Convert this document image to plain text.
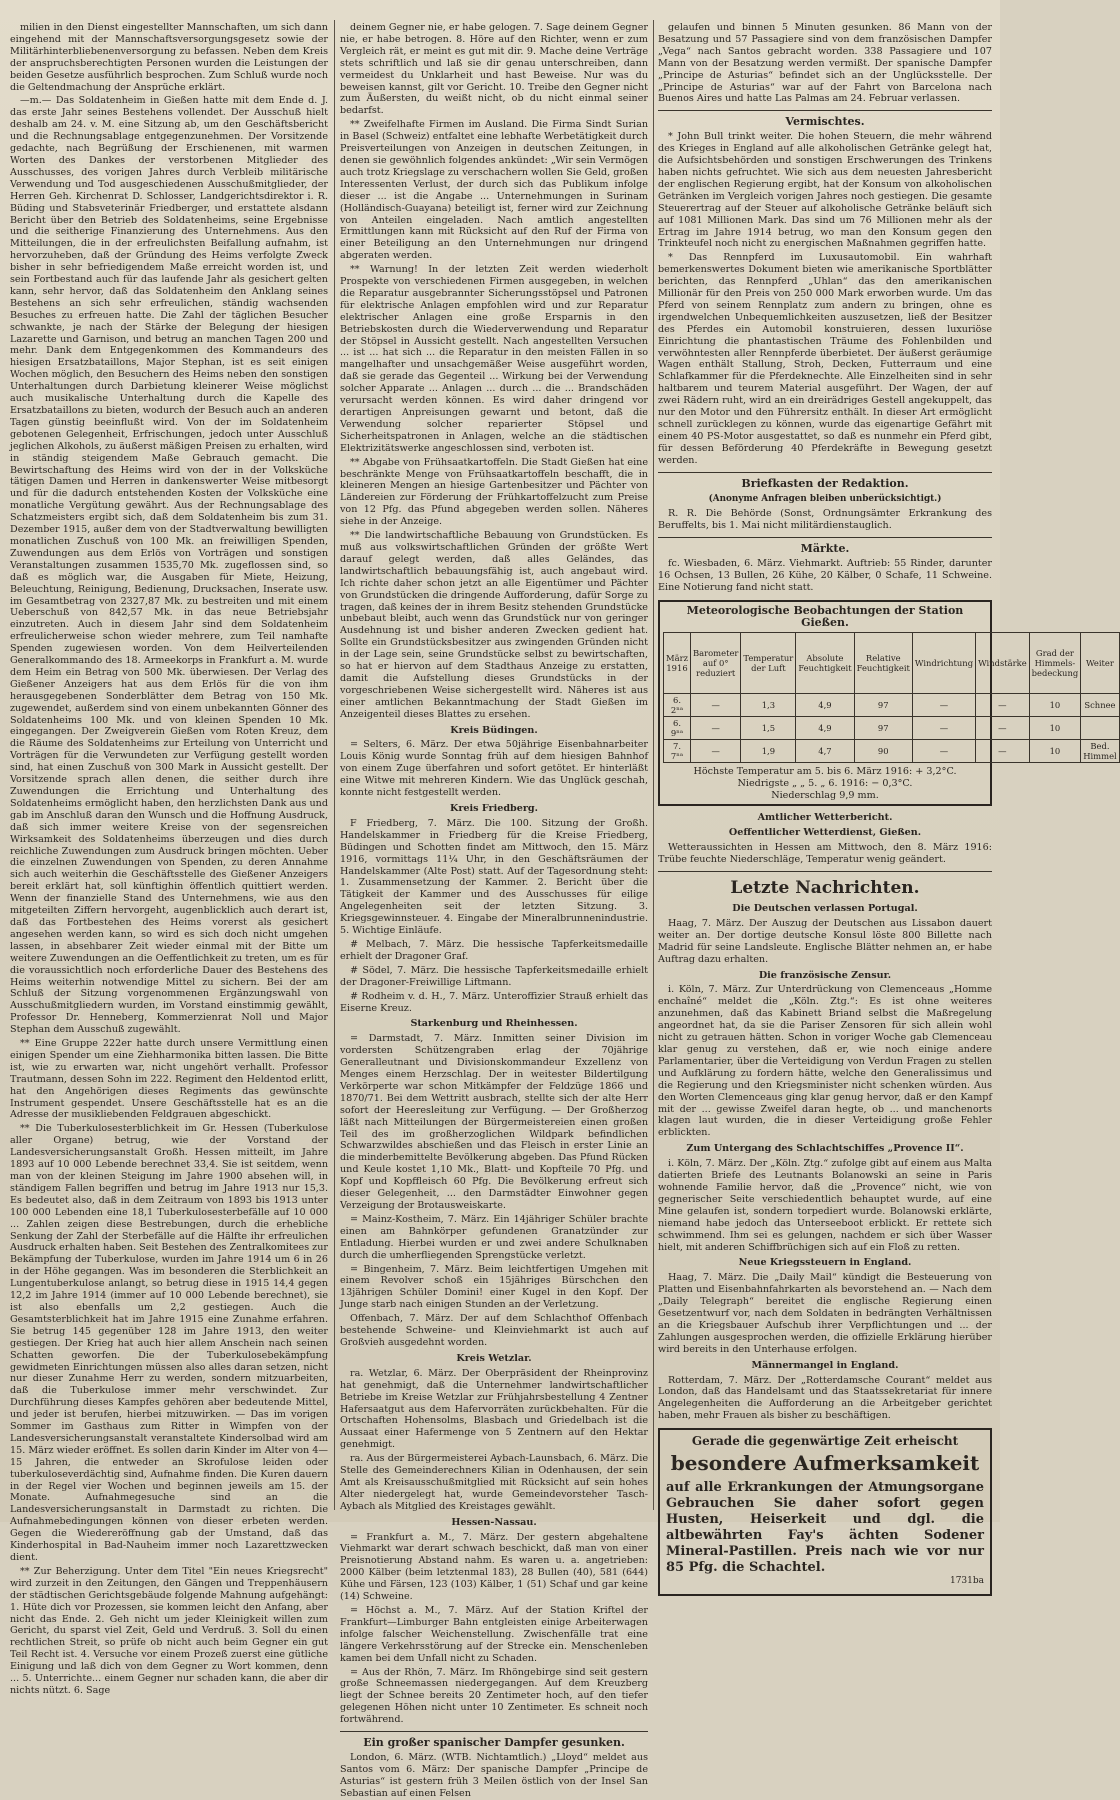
milien in den Dienst eingestellter Mannschaften, um sich dann eingehend mit der Mannschaftsversorgungsgesetz sowie der Militärhinterbliebenenversorgung zu befassen. Neben dem Kreis der anspruchsberechtigten Personen wurden die Leistungen der beiden Gesetze ausführlich besprochen. Zum Schluß wurde noch die Geltendmachung der Ansprüche erklärt.

—m.— Das Soldatenheim in Gießen hatte mit dem Ende d. J. das erste Jahr seines Bestehens vollendet. Der Ausschuß hielt deshalb am 24. v. M. eine Sitzung ab, um den Geschäftsbericht und die Rechnungsablage entgegenzunehmen. Der Vorsitzende gedachte, nach Begrüßung der Erschienenen, mit warmen Worten des Dankes der verstorbenen Mitglieder des Ausschusses, des vorigen Jahres durch Verbleib militärische Verwendung und Tod ausgeschiedenen Ausschußmitglieder, der Herren Geh. Kirchenrat D. Schlosser, Landgerichtsdirektor i. R. Büding und Stabsveterinär Friedberger, und erstattete alsdann Bericht über den Betrieb des Soldatenheims, seine Ergebnisse und die seitherige Finanzierung des Unternehmens. Aus den Mitteilungen, die in der erfreulichsten Beifallung aufnahm, ist hervorzuheben, daß der Gründung des Heims verfolgte Zweck bisher in sehr befriedigendem Maße erreicht worden ist, und sein Fortbestand auch für das laufende Jahr als gesichert gelten kann, sehr hervor, daß das Soldatenheim den Anklang seines Bestehens an sich sehr erfreulichen, ständig wachsenden Besuches zu erfreuen hatte. Die Zahl der täglichen Besucher schwankte, je nach der Stärke der Belegung der hiesigen Lazarette und Garnison, und betrug an manchen Tagen 200 und mehr. Dank dem Entgegenkommen des Kommandeurs des hiesigen Ersatzbataillons, Major Stephan, ist es seit einigen Wochen möglich, den Besuchern des Heims neben den sonstigen Unterhaltungen durch Darbietung kleinerer Weise möglichst auch musikalische Unterhaltung durch die Kapelle des Ersatzbataillons zu bieten, wodurch der Besuch auch an anderen Tagen günstig beeinflußt wird. Von der im Soldatenheim gebotenen Gelegenheit, Erfrischungen, jedoch unter Ausschluß jeglichen Alkohols, zu äußerst mäßigen Preisen zu erhalten, wird in ständig steigendem Maße Gebrauch gemacht. Die Bewirtschaftung des Heims wird von der in der Volksküche tätigen Damen und Herren in dankenswerter Weise mitbesorgt und für die dadurch entstehenden Kosten der Volksküche eine monatliche Vergütung gewährt. Aus der Rechnungsablage des Schatzmeisters ergibt sich, daß dem Soldatenheim bis zum 31. Dezember 1915, außer dem von der Stadtverwaltung bewilligten monatlichen Zuschuß von 100 Mk. an freiwilligen Spenden, Zuwendungen aus dem Erlös von Vorträgen und sonstigen Veranstaltungen zusammen 1535,70 Mk. zugeflossen sind, so daß es möglich war, die Ausgaben für Miete, Heizung, Beleuchtung, Reinigung, Bedienung, Drucksachen, Inserate usw. im Gesamtbetrag von 2327,87 Mk. zu bestreiten und mit einem Ueberschuß von 842,57 Mk. in das neue Betriebsjahr einzutreten. Auch in diesem Jahr sind dem Soldatenheim erfreulicherweise schon wieder mehrere, zum Teil namhafte Spenden zugewiesen worden. Von dem Heilverteilenden Generalkommando des 18. Armeekorps in Frankfurt a. M. wurde dem Heim ein Betrag von 500 Mk. überwiesen. Der Verlag des Gießener Anzeigers hat aus dem Erlös für die von ihm herausgegebenen Sonderblätter dem Betrag von 150 Mk. zugewendet, außerdem sind von einem unbekannten Gönner des Soldatenheims 100 Mk. und von kleinen Spenden 10 Mk. eingegangen. Der Zweigverein Gießen vom Roten Kreuz, dem die Räume des Soldatenheims zur Erteilung von Unterricht und Vorträgen für die Verwundeten zur Verfügung gestellt worden sind, hat einen Zuschuß von 300 Mark in Aussicht gestellt. Der Vorsitzende sprach allen denen, die seither durch ihre Zuwendungen die Errichtung und Unterhaltung des Soldatenheims ermöglicht haben, den herzlichsten Dank aus und gab im Anschluß daran den Wunsch und die Hoffnung Ausdruck, daß sich immer weitere Kreise von der segensreichen Wirksamkeit des Soldatenheims überzeugen und dies durch reichliche Zuwendungen zum Ausdruck bringen möchten. Ueber die einzelnen Zuwendungen von Spenden, zu deren Annahme sich auch weiterhin die Geschäftsstelle des Gießener Anzeigers bereit erklärt hat, soll künftighin öffentlich quittiert werden. Wenn der finanzielle Stand des Unternehmens, wie aus den mitgeteilten Ziffern hervorgeht, augenblicklich auch derart ist, daß das Fortbestehen des Heims vorerst als gesichert angesehen werden kann, so wird es sich doch nicht umgehen lassen, in absehbarer Zeit wieder einmal mit der Bitte um weitere Zuwendungen an die Oeffentlichkeit zu treten, um es für die voraussichtlich noch erforderliche Dauer des Bestehens des Heims weiterhin notwendige Mittel zu sichern. Bei der am Schluß der Sitzung vorgenommenen Ergänzungswahl von Ausschußmitgliedern wurden, im Vorstand einstimmig gewählt, Professor Dr. Henneberg, Kommerzienrat Noll und Major Stephan dem Ausschuß zugewählt.

** Eine Gruppe 222er hatte durch unsere Vermittlung einen einigen Spender um eine Ziehharmonika bitten lassen. Die Bitte ist, wie zu erwarten war, nicht ungehört verhallt. Professor Trautmann, dessen Sohn im 222. Regiment den Heldentod erlitt, hat den Angehörigen dieses Regiments das gewünschte Instrument gespendet. Unsere Geschäftsstelle hat es an die Adresse der musikliebenden Feldgrauen abgeschickt.

** Die Tuberkulosesterblichkeit im Gr. Hessen (Tuberkulose aller Organe) betrug, wie der Vorstand der Landesversicherungsanstalt Großh. Hessen mitteilt, im Jahre 1893 auf 10 000 Lebende berechnet 33,4. Sie ist seitdem, wenn man von der kleinen Steigung im Jahre 1900 absehen will, in ständigem Fallen begriffen und betrug im Jahre 1913 nur 15,3. Es bedeutet also, daß in dem Zeitraum von 1893 bis 1913 unter 100 000 Lebenden eine 18,1 Tuberkulosesterbefälle auf 10 000 ... Zahlen zeigen diese Bestrebungen, durch die erhebliche Senkung der Zahl der Sterbefälle auf die Hälfte ihr erfreulichen Ausdruck erhalten haben. Seit Bestehen des Zentralkomitees zur Bekämpfung der Tuberkulose, wurden im Jahre 1914 um 6 in 26 in der Höhe gegangen. Was im besonderen die Sterblichkeit an Lungentuberkulose anlangt, so betrug diese in 1915 14,4 gegen 12,2 im Jahre 1914 (immer auf 10 000 Lebende berechnet), sie ist also ebenfalls um 2,2 gestiegen. Auch die Gesamtsterblichkeit hat im Jahre 1915 eine Zunahme erfahren. Sie betrug 145 gegenüber 128 im Jahre 1913, den weiter gestiegen. Der Krieg hat auch hier allem Anschein nach seinen Schatten geworfen. Die der Tuberkulosebekämpfung gewidmeten Einrichtungen müssen also alles daran setzen, nicht nur dieser Zunahme Herr zu werden, sondern mitzuarbeiten, daß die Tuberkulose immer mehr verschwindet. Zur Durchführung dieses Kampfes gehören aber bedeutende Mittel, und jeder ist berufen, hierbei mitzuwirken. — Das im vorigen Sommer im Gasthaus zum Ritter in Wimpfen von der Landesversicherungsanstalt veranstaltete Kindersolbad wird am 15. März wieder eröffnet. Es sollen darin Kinder im Alter von 4—15 Jahren, die entweder an Skrofulose leiden oder tuberkuloseverdächtig sind, Aufnahme finden. Die Kuren dauern in der Regel vier Wochen und beginnen jeweils am 15. der Monate. Aufnahmegesuche sind an die Landesversicherungsanstalt in Darmstadt zu richten. Die Aufnahmebedingungen können von dieser erbeten werden. Gegen die Wiedereröffnung gab der Umstand, daß das Kinderhospital in Bad-Nauheim immer noch Lazarettzwecken dient.

** Zur Beherzigung. Unter dem Titel "Ein neues Kriegsrecht" wird zurzeit in den Zeitungen, den Gängen und Treppenhäusern der städtischen Gerichtsgebäude folgende Mahnung aufgehängt: 1. Hüte dich vor Prozessen, sie kommen leicht den Anfang, aber nicht das Ende. 2. Geh nicht um jeder Kleinigkeit willen zum Gericht, du sparst viel Zeit, Geld und Verdruß. 3. Soll du einen rechtlichen Streit, so prüfe ob nicht auch beim Gegner ein gut Teil Recht ist. 4. Versuche vor einem Prozeß zuerst eine gütliche Einigung und laß dich von dem Gegner zu Wort kommen, denn ... 5. Unterrichte... einem Gegner nur schaden kann, die aber dir nichts nützt. 6. Sage

deinem Gegner nie, er habe gelogen. 7. Sage deinem Gegner nie, er habe betrogen. 8. Höre auf den Richter, wenn er zum Vergleich rät, er meint es gut mit dir. 9. Mache deine Verträge stets schriftlich und laß sie dir genau unterschreiben, dann vermeidest du Unklarheit und hast Beweise. Nur was du beweisen kannst, gilt vor Gericht. 10. Treibe den Gegner nicht zum Äußersten, du weißt nicht, ob du nicht einmal seiner bedarfst.

** Zweifelhafte Firmen im Ausland. Die Firma Sindt Surian in Basel (Schweiz) entfaltet eine lebhafte Werbetätigkeit durch Preisverteilungen von Anzeigen in deutschen Zeitungen, in denen sie gewöhnlich folgendes ankündet: „Wir sein Vermögen auch trotz Kriegslage zu verschachern wollen Sie Geld, großen Interessenten Verlust, der durch sich das Publikum infolge dieser ... ist die Angabe ... Unternehmungen in Surinam (Holländisch-Guayana) beteiligt ist, ferner wird zur Zeichnung von Anteilen eingeladen. Nach amtlich angestellten Ermittlungen kann mit Rücksicht auf den Ruf der Firma von einer Beteiligung an den Unternehmungen nur dringend abgeraten werden.

** Warnung! In der letzten Zeit werden wiederholt Prospekte von verschiedenen Firmen ausgegeben, in welchen die Reparatur ausgebrannter Sicherungsstöpsel und Patronen für elektrische Anlagen empfohlen wird und zur Reparatur elektrischer Anlagen eine große Ersparnis in den Betriebskosten durch die Wiederverwendung und Reparatur der Stöpsel in Aussicht gestellt. Nach angestellten Versuchen ... ist ... hat sich ... die Reparatur in den meisten Fällen in so mangelhafter und unsachgemäßer Weise ausgeführt worden, daß sie gerade das Gegenteil ... Wirkung bei der Verwendung solcher Apparate ... Anlagen ... durch ... die ... Brandschäden verursacht werden können. Es wird daher dringend vor derartigen Anpreisungen gewarnt und betont, daß die Verwendung solcher reparierter Stöpsel und Sicherheitspatronen in Anlagen, welche an die städtischen Elektrizitätswerke angeschlossen sind, verboten ist.

** Abgabe von Frühsaatkartoffeln. Die Stadt Gießen hat eine beschränkte Menge von Frühsaatkartoffeln beschafft, die in kleineren Mengen an hiesige Gartenbesitzer und Pächter von Ländereien zur Förderung der Frühkartoffelzucht zum Preise von 12 Pfg. das Pfund abgegeben werden sollen. Näheres siehe in der Anzeige.

** Die landwirtschaftliche Bebauung von Grundstücken. Es muß aus volkswirtschaftlichen Gründen der größte Wert darauf gelegt werden, daß alles Geländes, das landwirtschaftlich bebauungsfähig ist, auch angebaut wird. Ich richte daher schon jetzt an alle Eigentümer und Pächter von Grundstücken die dringende Aufforderung, dafür Sorge zu tragen, daß keines der in ihrem Besitz stehenden Grundstücke unbebaut bleibt, auch wenn das Grundstück nur von geringer Ausdehnung ist und bisher anderen Zwecken gedient hat. Sollte ein Grundstücksbesitzer aus zwingenden Gründen nicht in der Lage sein, seine Grundstücke selbst zu bewirtschaften, so hat er hiervon auf dem Stadthaus Anzeige zu erstatten, damit die Aufstellung dieses Grundstücks in der vorgeschriebenen Weise sichergestellt wird. Näheres ist aus einer amtlichen Bekanntmachung der Stadt Gießen im Anzeigenteil dieses Blattes zu ersehen.

Kreis Büdingen.

= Selters, 6. März. Der etwa 50jährige Eisenbahnarbeiter Louis König wurde Sonntag früh auf dem hiesigen Bahnhof von einem Zuge überfahren und sofort getötet. Er hinterläßt eine Witwe mit mehreren Kindern. Wie das Unglück geschah, konnte nicht festgestellt werden.

Kreis Friedberg.

F Friedberg, 7. März. Die 100. Sitzung der Großh. Handelskammer in Friedberg für die Kreise Friedberg, Büdingen und Schotten findet am Mittwoch, den 15. März 1916, vormittags 11¼ Uhr, in den Geschäftsräumen der Handelskammer (Alte Post) statt. Auf der Tagesordnung steht: 1. Zusammensetzung der Kammer. 2. Bericht über die Tätigkeit der Kammer und des Ausschusses für eilige Angelegenheiten seit der letzten Sitzung. 3. Kriegsgewinnsteuer. 4. Eingabe der Mineralbrunnenindustrie. 5. Wichtige Einläufe.

# Melbach, 7. März. Die hessische Tapferkeitsmedaille erhielt der Dragoner Graf.

# Södel, 7. März. Die hessische Tapferkeitsmedaille erhielt der Dragoner-Freiwillige Liftmann.

# Rodheim v. d. H., 7. März. Unteroffizier Strauß erhielt das Eiserne Kreuz.

Starkenburg und Rheinhessen.

= Darmstadt, 7. März. Inmitten seiner Division im vordersten Schützengraben erlag der 70jährige Generalleutnant und Divisionskommandeur Exzellenz von Menges einem Herzschlag. Der in weitester Bildertilgung Verkörperte war schon Mitkämpfer der Feldzüge 1866 und 1870/71. Bei dem Wettritt ausbrach, stellte sich der alte Herr sofort der Heeresleitung zur Verfügung. — Der Großherzog läßt nach Mitteilungen der Bürgermeistereien einen großen Teil des im großherzoglichen Wildpark befindlichen Schwarzwildes abschießen und das Fleisch in erster Linie an die minderbemittelte Bevölkerung abgeben. Das Pfund Rücken und Keule kostet 1,10 Mk., Blatt- und Kopfteile 70 Pfg. und Kopf und Kopffleisch 60 Pfg. Die Bevölkerung erfreut sich dieser Gelegenheit, ... den Darmstädter Einwohner gegen Verzeigung der Brotausweiskarte.

= Mainz-Kostheim, 7. März. Ein 14jähriger Schüler brachte einen am Bahnkörper gefundenen Granatzünder zur Entladung. Hierbei wurden er und zwei andere Schulknaben durch die umherfliegenden Sprengstücke verletzt.

= Bingenheim, 7. März. Beim leichtfertigen Umgehen mit einem Revolver schoß ein 15jähriges Bürschchen den 13jährigen Schüler Domini! einer Kugel in den Kopf. Der Junge starb nach einigen Stunden an der Verletzung.

Offenbach, 7. März. Der auf dem Schlachthof Offenbach bestehende Schweine- und Kleinviehmarkt ist auch auf Großvieh ausgedehnt worden.

Kreis Wetzlar.

ra. Wetzlar, 6. März. Der Oberpräsident der Rheinprovinz hat genehmigt, daß die Unternehmer landwirtschaftlicher Betriebe im Kreise Wetzlar zur Frühjahrsbestellung 4 Zentner Hafersaatgut aus dem Hafervorräten zurückbehalten. Für die Ortschaften Hohensolms, Blasbach und Griedelbach ist die Aussaat einer Hafermenge von 5 Zentnern auf den Hektar genehmigt.

ra. Aus der Bürgermeisterei Aybach-Launsbach, 6. März. Die Stelle des Gemeinderechners Kilian in Odenhausen, der sein Amt als Kreisausschußmitglied mit Rücksicht auf sein hohes Alter niedergelegt hat, wurde Gemeindevorsteher Tasch-Aybach als Mitglied des Kreistages gewählt.

Hessen-Nassau.

= Frankfurt a. M., 7. März. Der gestern abgehaltene Viehmarkt war derart schwach beschickt, daß man von einer Preisnotierung Abstand nahm. Es waren u. a. angetrieben: 2000 Kälber (beim letztenmal 183), 28 Bullen (40), 581 (644) Kühe und Färsen, 123 (103) Kälber, 1 (51) Schaf und gar keine (14) Schweine.

= Höchst a. M., 7. März. Auf der Station Kriftel der Frankfurt—Limburger Bahn entgleisten einige Arbeiterwagen infolge falscher Weichenstellung. Zwischenfälle trat eine längere Verkehrsstörung auf der Strecke ein. Menschenleben kamen bei dem Unfall nicht zu Schaden.

= Aus der Rhön, 7. März. Im Rhöngebirge sind seit gestern große Schneemassen niedergegangen. Auf dem Kreuzberg liegt der Schnee bereits 20 Zentimeter hoch, auf den tiefer gelegenen Höhen nicht unter 10 Zentimeter. Es schneit noch fortwährend.

Ein großer spanischer Dampfer gesunken.

London, 6. März. (WTB. Nichtamtlich.) „Lloyd“ meldet aus Santos vom 6. März: Der spanische Dampfer „Principe de Asturias“ ist gestern früh 3 Meilen östlich von der Insel San Sebastian auf einen Felsen

gelaufen und binnen 5 Minuten gesunken. 86 Mann von der Besatzung und 57 Passagiere sind von dem französischen Dampfer „Vega“ nach Santos gebracht worden. 338 Passagiere und 107 Mann von der Besatzung werden vermißt. Der spanische Dampfer „Principe de Asturias“ befindet sich an der Unglücksstelle. Der „Principe de Asturias“ war auf der Fahrt von Barcelona nach Buenos Aires und hatte Las Palmas am 24. Februar verlassen.

Vermischtes.

* John Bull trinkt weiter. Die hohen Steuern, die mehr während des Krieges in England auf alle alkoholischen Getränke gelegt hat, die Aufsichtsbehörden und sonstigen Erschwerungen des Trinkens haben nichts gefruchtet. Wie sich aus dem neuesten Jahresbericht der englischen Regierung ergibt, hat der Konsum von alkoholischen Getränken im Vergleich vorigen Jahres noch gestiegen. Die gesamte Steuerertrag auf der Steuer auf alkoholische Getränke beläuft sich auf 1081 Millionen Mark. Das sind um 76 Millionen mehr als der Ertrag im Jahre 1914 betrug, wo man den Konsum gegen den Trinkteufel noch nicht zu energischen Maßnahmen gegriffen hatte.

* Das Rennpferd im Luxusautomobil. Ein wahrhaft bemerkenswertes Dokument bieten wie amerikanische Sportblätter berichten, das Rennpferd „Uhlan“ das den amerikanischen Millionär für den Preis von 250 000 Mark erworben wurde. Um das Pferd von seinem Rennplatz zum andern zu bringen, ohne es irgendwelchen Unbequemlichkeiten auszusetzen, ließ der Besitzer des Pferdes ein Automobil konstruieren, dessen luxuriöse Einrichtung die phantastischen Träume des Fohlenbilden und verwöhntesten aller Rennpferde überbietet. Der äußerst geräumige Wagen enthält Stallung, Stroh, Decken, Futterraum und eine Schlafkammer für die Pferdeknechte. Alle Einzelheiten sind in sehr haltbarem und teurem Material ausgeführt. Der Wagen, der auf zwei Rädern ruht, wird an ein dreirädriges Gestell angekuppelt, das nur den Motor und den Führersitz enthält. In dieser Art ermöglicht schnell zurücklegen zu können, wurde das eigenartige Gefährt mit einem 40 PS-Motor ausgestattet, so daß es nunmehr ein Pferd gibt, für dessen Beförderung 40 Pferdekräfte in Bewegung gesetzt werden.

Briefkasten der Redaktion.
(Anonyme Anfragen bleiben unberücksichtigt.)

R. R. Die Behörde (Sonst, Ordnungsämter Erkrankung des Beruffelts, bis 1. Mai nicht militärdienstauglich.

Märkte.

fc. Wiesbaden, 6. März. Viehmarkt. Auftrieb: 55 Rinder, darunter 16 Ochsen, 13 Bullen, 26 Kühe, 20 Kälber, 0 Schafe, 11 Schweine. Eine Notierung fand nicht statt.

Meteorologische Beobachtungen der Station Gießen.
März 1916	Barometer auf 0° reduziert	Temperatur der Luft	Absolute Feuchtigkeit	Relative Feuchtigkeit	Windrichtung	Windstärke	Grad der Himmelsbedeckung	Weiter
6. 2ⁿᵃ	—	1,3	4,9	97	—	—	10	Schnee
6. 9ⁿᵃ	—	1,5	4,9	97	—	—	10	
7. 7ⁿᵃ	—	1,9	4,7	90	—	—	10	Bed. Himmel
Höchste Temperatur am 5. bis 6. März 1916: + 3,2°C.
Niedrigste „ „ 5. „ 6. 1916: − 0,3°C.
Niederschlag 9,9 mm.
Amtlicher Wetterbericht.
Oeffentlicher Wetterdienst, Gießen.

Wetteraussichten in Hessen am Mittwoch, den 8. März 1916: Trübe feuchte Niederschläge, Temperatur wenig geändert.

Letzte Nachrichten.
Die Deutschen verlassen Portugal.

Haag, 7. März. Der Auszug der Deutschen aus Lissabon dauert weiter an. Der dortige deutsche Konsul löste 800 Billette nach Madrid für seine Landsleute. Englische Blätter nehmen an, er habe Auftrag dazu erhalten.

Die französische Zensur.

i. Köln, 7. März. Zur Unterdrückung von Clemenceaus „Homme enchaîné“ meldet die „Köln. Ztg.“: Es ist ohne weiteres anzunehmen, daß das Kabinett Briand selbst die Maßregelung angeordnet hat, da sie die Pariser Zensoren für sich allein wohl nicht zu getrauen hätten. Schon in voriger Woche gab Clemenceau klar genug zu verstehen, daß er, wie noch einige andere Parlamentarier, über die Verteidigung von Verdun Fragen zu stellen und Aufklärung zu fordern hätte, welche den Generalissimus und die Regierung und den Kriegsminister nicht schenken würden. Aus den Worten Clemenceaus ging klar genug hervor, daß er den Kampf mit der ... gewisse Zweifel daran hegte, ob ... und manchenorts klagen laut wurden, die in dieser Verteidigung große Fehler erblickten.

Zum Untergang des Schlachtschiffes „Provence II“.

i. Köln, 7. März. Der „Köln. Ztg.“ zufolge gibt auf einem aus Malta datierten Briefe des Leutnants Bolanowski an seine in Paris wohnende Familie hervor, daß die „Provence“ nicht, wie von gegnerischer Seite verschiedentlich behauptet wurde, auf eine Mine gelaufen ist, sondern torpediert wurde. Bolanowski erklärte, niemand habe jedoch das Unterseeboot erblickt. Er rettete sich schwimmend. Ihm sei es gelungen, nachdem er sich über Wasser hielt, mit anderen Schiffbrüchigen sich auf ein Floß zu retten.

Neue Kriegssteuern in England.

Haag, 7. März. Die „Daily Mail“ kündigt die Besteuerung von Platten und Eisenbahnfahrkarten als bevorstehend an. — Nach dem „Daily Telegraph“ bereitet die englische Regierung einen Gesetzentwurf vor, nach dem Soldaten in bedrängten Verhältnissen an die Kriegsbauer Aufschub ihrer Verpflichtungen und ... der Zahlungen ausgesprochen werden, die offizielle Erklärung hierüber wird bereits in den Unterhause erfolgen.

Männermangel in England.

Rotterdam, 7. März. Der „Rotterdamsche Courant“ meldet aus London, daß das Handelsamt und das Staatssekretariat für innere Angelegenheiten die Aufforderung an die Arbeitgeber gerichtet haben, mehr Frauen als bisher zu beschäftigen.

Gerade die gegenwärtige Zeit erheischt
besondere Aufmerksamkeit
auf alle Erkrankungen der Atmungsorgane Gebrauchen Sie daher sofort gegen Husten, Heiserkeit und dgl. die altbewährten Fay's ächten Sodener Mineral-Pastillen. Preis nach wie vor nur 85 Pfg. die Schachtel.
1731ba
